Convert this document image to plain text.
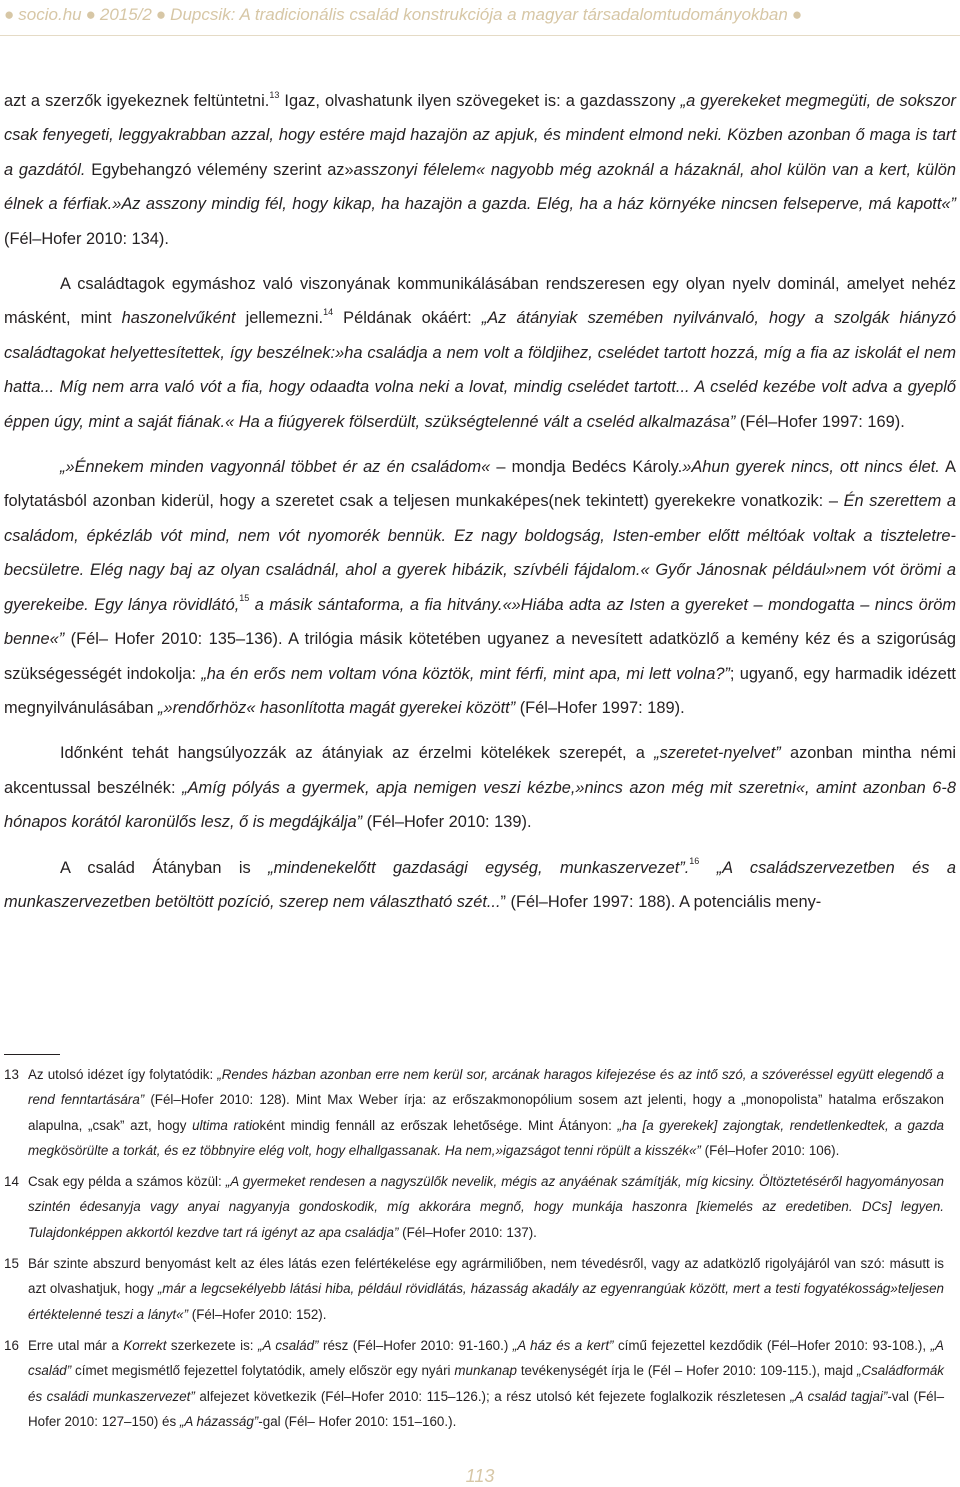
● socio.hu ● 2015/2 ● Dupcsik: A tradicionális család konstrukciója a magyar társadalomtudományokban ●

azt a szerzők igyekeznek feltüntetni.$^{13}$ Igaz, olvashatunk ilyen szövegeket is: a gazdasszony „a gyerekeket megmegüti, de sokszor csak fenyegeti, leggyakrabban azzal, hogy estére majd hazajön az apjuk, és mindent elmond neki. Közben azonban ő maga is tart a gazdától. Egybehangzó vélemény szerint az»asszonyi félelem« nagyobb még azoknál a házaknál, ahol külön van a kert, külön élnek a férfiak.»Az asszony mindig fél, hogy kikap, ha hazajön a gazda. Elég, ha a ház környéke nincsen felseperve, má kapott«” (Fél–Hofer 2010: 134).

A családtagok egymáshoz való viszonyának kommunikálásában rendszeresen egy olyan nyelv dominál, amelyet nehéz másként, mint haszonelvűként jellemezni.$^{14}$ Példának okáért: „Az átányiak szemében nyilvánvaló, hogy a szolgák hiányzó családtagokat helyettesítettek, így beszélnek:»ha családja a nem volt a földjihez, cselédet tartott hozzá, míg a fia az iskolát el nem hatta... Míg nem arra való vót a fia, hogy odaadta volna neki a lovat, mindig cselédet tartott... A cseléd kezébe volt adva a gyeplő éppen úgy, mint a saját fiának.« Ha a fiúgyerek fölserdült, szükségtelenné vált a cseléd alkalmazása” (Fél–Hofer 1997: 169).

„»Énnekem minden vagyonnál többet ér az én családom« – mondja Bedécs Károly.»Ahun gyerek nincs, ott nincs élet. A folytatásból azonban kiderül, hogy a szeretet csak a teljesen munkaképes(nek tekintett) gyerekekre vonatkozik: – Én szerettem a családom, épkézláb vót mind, nem vót nyomorék bennük. Ez nagy boldogság, Isten-ember előtt méltóak voltak a tiszteletre-becsületre. Elég nagy baj az olyan családnál, ahol a gyerek hibázik, szívbéli fájdalom.« Győr Jánosnak például»nem vót örömi a gyerekeibe. Egy lánya rövidlátó,$^{15}$ a másik sántaforma, a fia hitvány.«»Hiába adta az Isten a gyereket – mondogatta – nincs öröm benne«” (Fél– Hofer 2010: 135–136). A trilógia másik kötetében ugyanez a nevesített adatközlő a kemény kéz és a szigorúság szükségességét indokolja: „ha én erős nem voltam vóna köztök, mint férfi, mint apa, mi lett volna?”; ugyanő, egy harmadik idézett megnyilvánulásában „»rendőrhöz« hasonlította magát gyerekei között” (Fél–Hofer 1997: 189).

Időnként tehát hangsúlyozzák az átányiak az érzelmi kötelékek szerepét, a „szeretet-nyelvet” azonban mintha némi akcentussal beszélnék: „Amíg pólyás a gyermek, apja nemigen veszi kézbe,»nincs azon még mit szeretni«, amint azonban 6-8 hónapos korától karonülős lesz, ő is megdájkálja” (Fél–Hofer 2010: 139).

A család Átányban is „mindenekelőtt gazdasági egység, munkaszervezet”.$^{16}$ „A családszervezetben és a munkaszervezetben betöltött pozíció, szerep nem választható szét...” (Fél–Hofer 1997: 188). A potenciális meny-

13 Az utolsó idézet így folytatódik: „Rendes házban azonban erre nem kerül sor, arcának haragos kifejezése és az intő szó, a szóveréssel együtt elegendő a rend fenntartására” (Fél–Hofer 2010: 128). Mint Max Weber írja: az erőszakmonopólium sosem azt jelenti, hogy a „monopolista” hatalma erőszakon alapulna, „csak” azt, hogy ultima ratioként mindig fennáll az erőszak lehetősége. Mint Átányon: „ha [a gyerekek] zajongtak, rendetlenkedtek, a gazda megkösörülte a torkát, és ez többnyire elég volt, hogy elhallgassanak. Ha nem,»igazságot tenni röpült a kisszék«” (Fél–Hofer 2010: 106).
14 Csak egy példa a számos közül: „A gyermeket rendesen a nagyszülők nevelik, mégis az anyáénak számítják, míg kicsiny. Öltöztetéséről hagyományosan szintén édesanyja vagy anyai nagyanyja gondoskodik, míg akkorára megnő, hogy munkája haszonra [kiemelés az eredetiben. DCs] legyen. Tulajdonképpen akkortól kezdve tart rá igényt az apa családja” (Fél–Hofer 2010: 137).
15 Bár szinte abszurd benyomást kelt az éles látás ezen felértékelése egy agrármiliőben, nem tévedésről, vagy az adatközlő rigolyájáról van szó: másutt is azt olvashatjuk, hogy „már a legcsekélyebb látási hiba, például rövidlátás, házasság akadály az egyenrangúak között, mert a testi fogyatékosság»teljesen értéktelenné teszi a lányt«” (Fél–Hofer 2010: 152).
16 Erre utal már a Korrekt szerkezete is: „A család” rész (Fél–Hofer 2010: 91-160.) „A ház és a kert” című fejezettel kezdődik (Fél–Hofer 2010: 93-108.), „A család” címet megismétlő fejezettel folytatódik, amely először egy nyári munkanap tevékenységét írja le (Fél – Hofer 2010: 109-115.), majd „Családformák és családi munkaszervezet” alfejezet következik (Fél–Hofer 2010: 115–126.); a rész utolsó két fejezete foglalkozik részletesen „A család tagjai”-val (Fél–Hofer 2010: 127–150) és „A házasság”-gal (Fél– Hofer 2010: 151–160.).
113
